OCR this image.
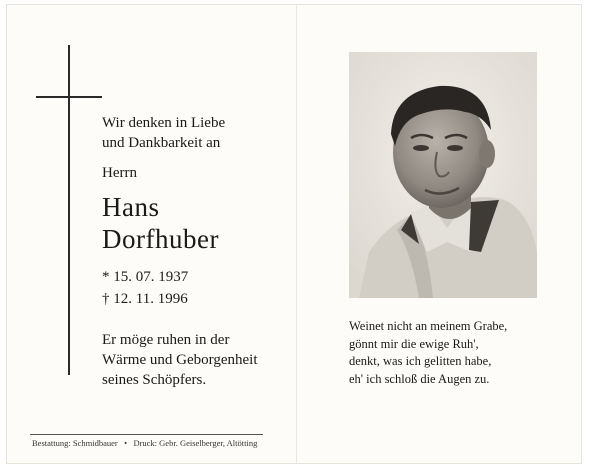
Wir denken in Liebe
und Dankbarkeit an
Herrn
Hans
Dorfhuber
* 15. 07. 1937
† 12. 11. 1996
Er möge ruhen in der
Wärme und Geborgenheit
seines Schöpfers.
Bestattung: Schmidbauer • Druck: Gebr. Geiselberger, Altötting
Weinet nicht an meinem Grabe,
gönnt mir die ewige Ruh',
denkt, was ich gelitten habe,
eh' ich schloß die Augen zu.
